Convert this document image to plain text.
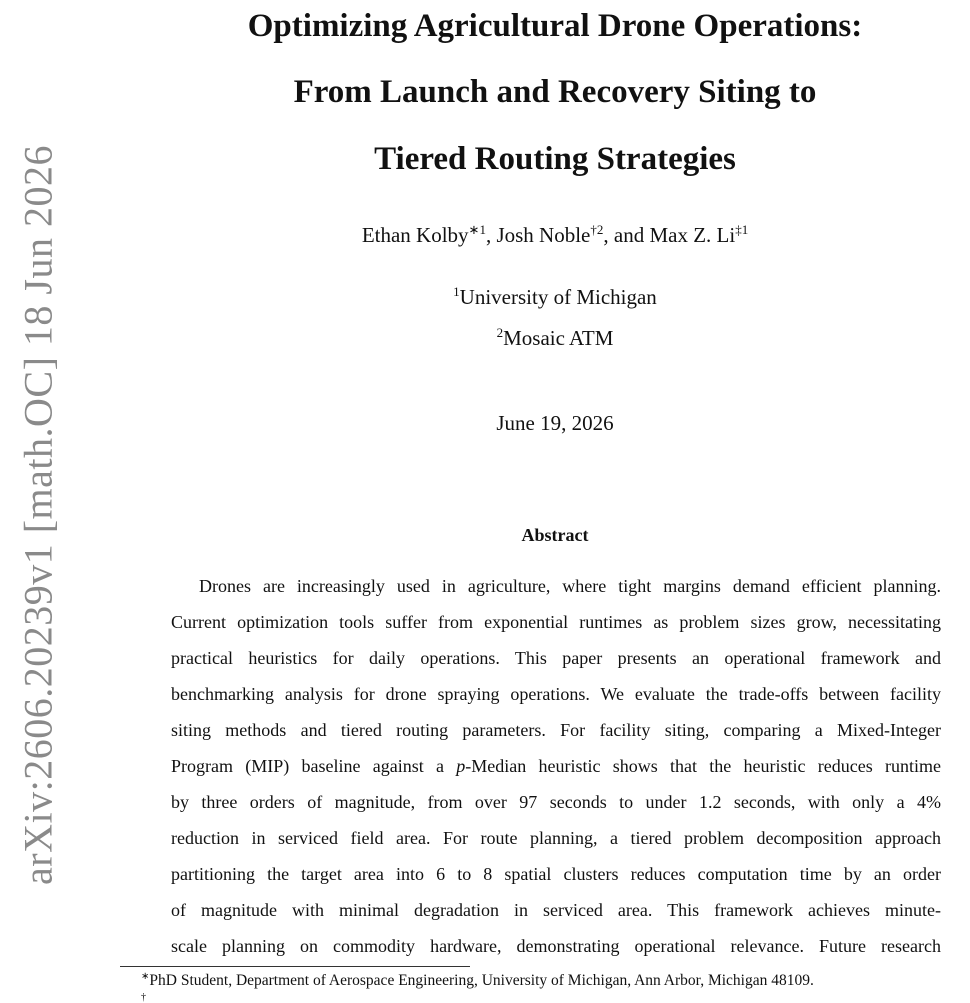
arXiv:2606.20239v1 [math.OC] 18 Jun 2026
Optimizing Agricultural Drone Operations:
From Launch and Recovery Siting to
Tiered Routing Strategies
Ethan Kolby$^{∗1}$, Josh Noble$^{\dagger 2}$, and Max Z. Li$^{\ddagger 1}$
$^1$University of Michigan
$^2$Mosaic ATM
June 19, 2026
Abstract
Drones are increasingly used in agriculture, where tight margins demand efficient planning.
Current optimization tools suffer from exponential runtimes as problem sizes grow, necessitating
practical heuristics for daily operations. This paper presents an operational framework and
benchmarking analysis for drone spraying operations. We evaluate the trade-offs between facility
siting methods and tiered routing parameters. For facility siting, comparing a Mixed-Integer
Program (MIP) baseline against a p-Median heuristic shows that the heuristic reduces runtime
by three orders of magnitude, from over 97 seconds to under 1.2 seconds, with only a 4%
reduction in serviced field area. For route planning, a tiered problem decomposition approach
partitioning the target area into 6 to 8 spatial clusters reduces computation time by an order
of magnitude with minimal degradation in serviced area. This framework achieves minute-
scale planning on commodity hardware, demonstrating operational relevance. Future research
∗PhD Student, Department of Aerospace Engineering, University of Michigan, Ann Arbor, Michigan 48109.
†
